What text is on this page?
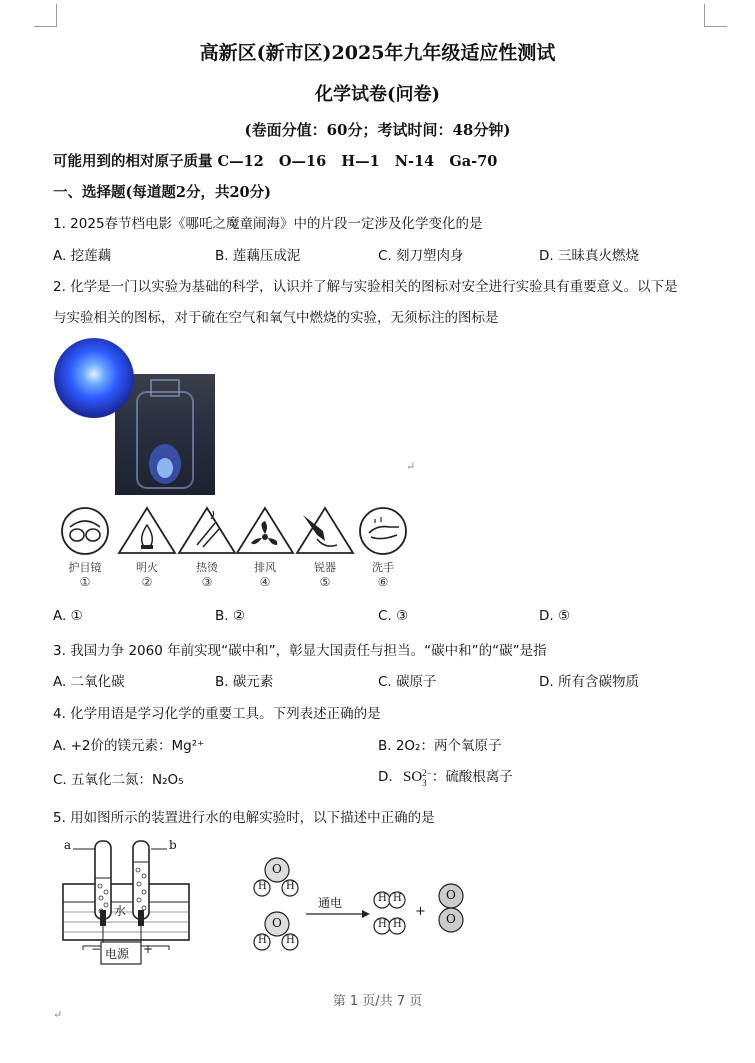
高新区(新市区)2025年九年级适应性测试
化学试卷(问卷)
(卷面分值：60分；考试时间：48分钟)
可能用到的相对原子质量 C—12   O—16   H—1   N-14   Ga-70
一、选择题(每道题2分，共20分)
1. 2025春节档电影《哪吒之魔童闹海》中的片段一定涉及化学变化的是
A. 挖莲藕	B. 莲藕压成泥	C. 刻刀塑肉身	D. 三昧真火燃烧
2. 化学是一门以实验为基础的科学，认识并了解与实验相关的图标对安全进行实验具有重要意义。以下是
与实验相关的图标，对于硫在空气和氧气中燃烧的实验，无须标注的图标是
↵
护目镜
①
明火
②
热烫
③
排风
④
锐器
⑤
洗手
⑥
A. ①	B. ②	C. ③	D. ⑤
3. 我国力争 2060 年前实现“碳中和”，彰显大国责任与担当。“碳中和”的“碳”是指
A. 二氧化碳	B. 碳元素	C. 碳原子	D. 所有含碳物质
4. 化学用语是学习化学的重要工具。下列表述正确的是
A. +2价的镁元素：Mg²⁺	B. 2O₂：两个氧原子
C. 五氧化二氮：N₂O₅	D. SO 2−
3 ：硫酸根离子
5. 用如图所示的装置进行水的电解实验时，以下描述中正确的是
a	b
水
电源
−	+
O
H H
O
H H
通电	H H
H H
+
O
O
第 1 页/共 7 页
↵
